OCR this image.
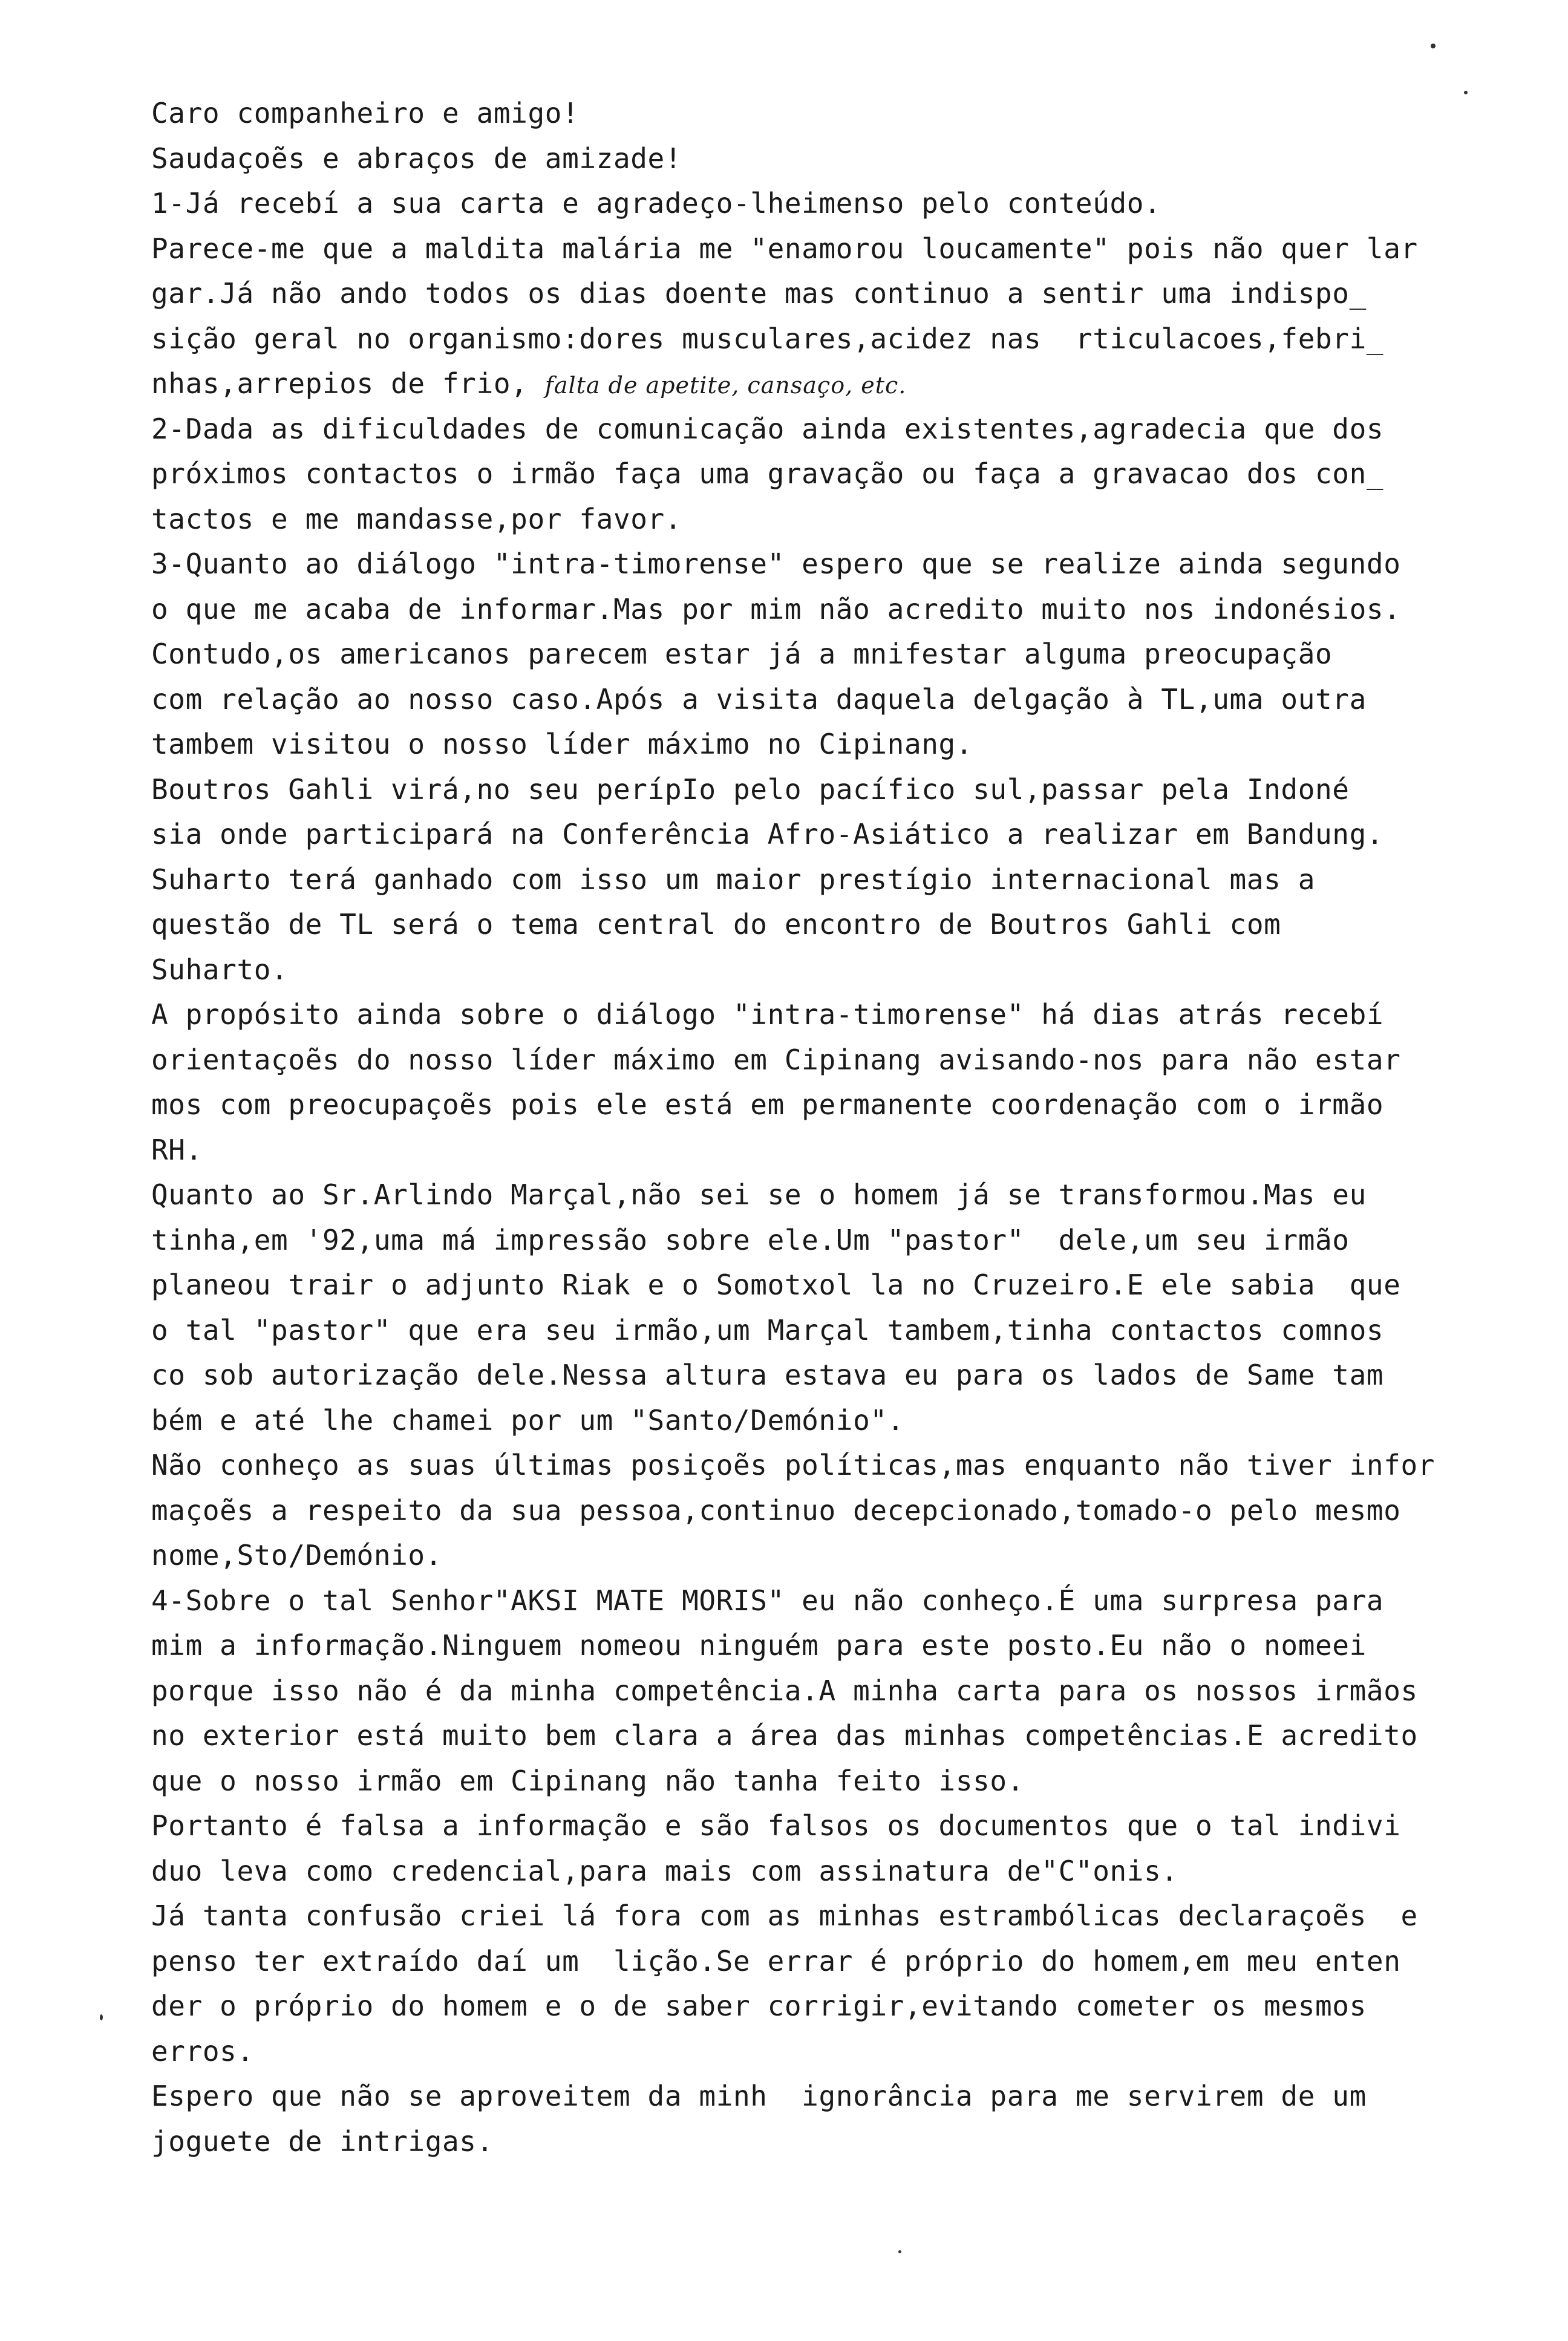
Caro companheiro e amigo!
Saudaçoẽs e abraços de amizade!
1-Já recebí a sua carta e agradeço-lheimenso pelo conteúdo.
Parece-me que a maldita malária me "enamorou loucamente" pois não quer lar
gar.Já não ando todos os dias doente mas continuo a sentir uma indispo_
sição geral no organismo:dores musculares,acidez nas  rticulacoes,febri_
nhas,arrepios de frio, falta de apetite, cansaço, etc.
2-Dada as dificuldades de comunicação ainda existentes,agradecia que dos
próximos contactos o irmão faça uma gravação ou faça a gravacao dos con_
tactos e me mandasse,por favor.
3-Quanto ao diálogo "intra-timorense" espero que se realize ainda segundo
o que me acaba de informar.Mas por mim não acredito muito nos indonésios.
Contudo,os americanos parecem estar já a mnifestar alguma preocupação
com relação ao nosso caso.Após a visita daquela delgação à TL,uma outra
tambem visitou o nosso líder máximo no Cipinang.
Boutros Gahli virá,no seu perípIo pelo pacífico sul,passar pela Indoné
sia onde participará na Conferência Afro-Asiático a realizar em Bandung.
Suharto terá ganhado com isso um maior prestígio internacional mas a
questão de TL será o tema central do encontro de Boutros Gahli com
Suharto.
A propósito ainda sobre o diálogo "intra-timorense" há dias atrás recebí
orientaçoẽs do nosso líder máximo em Cipinang avisando-nos para não estar
mos com preocupaçoẽs pois ele está em permanente coordenação com o irmão
RH.
Quanto ao Sr.Arlindo Marçal,não sei se o homem já se transformou.Mas eu
tinha,em '92,uma má impressão sobre ele.Um "pastor"  dele,um seu irmão
planeou trair o adjunto Riak e o Somotxol la no Cruzeiro.E ele sabia  que
o tal "pastor" que era seu irmão,um Marçal tambem,tinha contactos comnos
co sob autorização dele.Nessa altura estava eu para os lados de Same tam
bém e até lhe chamei por um "Santo/Demónio".
Não conheço as suas últimas posiçoẽs políticas,mas enquanto não tiver infor
maçoẽs a respeito da sua pessoa,continuo decepcionado,tomado-o pelo mesmo
nome,Sto/Demónio.
4-Sobre o tal Senhor"AKSI MATE MORIS" eu não conheço.É uma surpresa para
mim a informação.Ninguem nomeou ninguém para este posto.Eu não o nomeei
porque isso não é da minha competência.A minha carta para os nossos irmãos
no exterior está muito bem clara a área das minhas competências.E acredito
que o nosso irmão em Cipinang não tanha feito isso.
Portanto é falsa a informação e são falsos os documentos que o tal indivi
duo leva como credencial,para mais com assinatura de"C"onis.
Já tanta confusão criei lá fora com as minhas estrambólicas declaraçoẽs  e
penso ter extraído daí um  lição.Se errar é próprio do homem,em meu enten
der o próprio do homem e o de saber corrigir,evitando cometer os mesmos
erros.
Espero que não se aproveitem da minh  ignorância para me servirem de um
joguete de intrigas.
